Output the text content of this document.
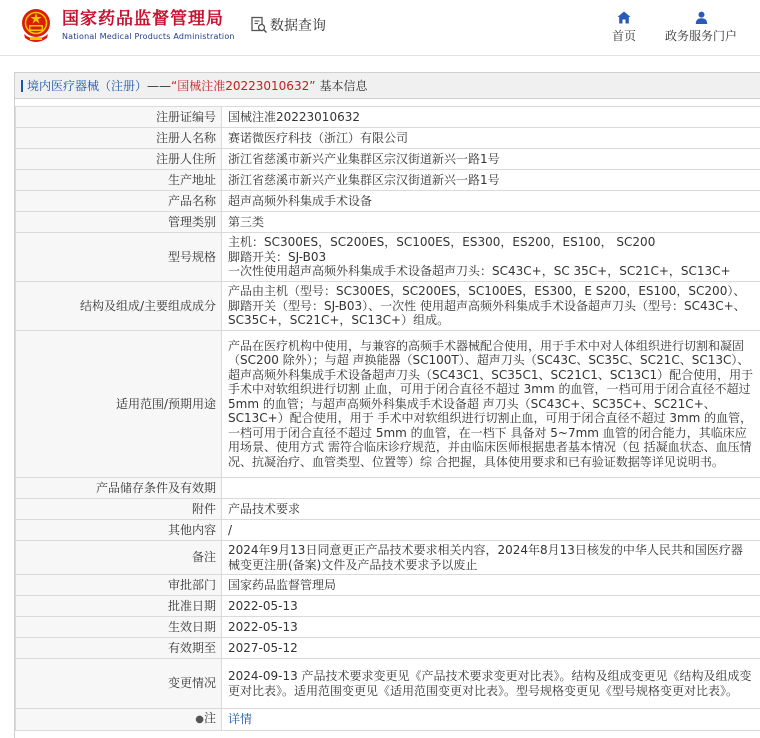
国家药品监督管理局
National Medical Products Administration
数据查询
首页	政务服务门户
境内医疗器械（注册） —— “国械注准20223010632” 基本信息
注册证编号	国械注准20223010632
注册人名称	赛诺微医疗科技（浙江）有限公司
注册人住所	浙江省慈溪市新兴产业集群区宗汉街道新兴一路1号
生产地址	浙江省慈溪市新兴产业集群区宗汉街道新兴一路1号
产品名称	超声高频外科集成手术设备
管理类别	第三类
型号规格	主机：SC300ES，SC200ES，SC100ES，ES300，ES200，ES100， SC200
脚踏开关：SJ-B03
一次性使用超声高频外科集成手术设备超声刀头：SC43C+，SC 35C+，SC21C+，SC13C+

结构及组成/主要组成成分	产品由主机（型号：SC300ES，SC200ES，SC100ES，ES300，E S200，ES100，SC200）、脚踏开关（型号：SJ-B03）、一次性 使用超声高频外科集成手术设备超声刀头（型号：SC43C+、SC35C+，SC21C+，SC13C+）组成。
适用范围/预期用途	产品在医疗机构中使用，与兼容的高频手术器械配合使用，用于手术中对人体组织进行切割和凝固（SC200 除外）；与超 声换能器（SC100T）、超声刀头（SC43C、SC35C、SC21C、SC13C）、 超声高频外科集成手术设备超声刀头（SC43C1、SC35C1、SC21C1、SC13C1）配合使用，用于手术中对软组织进行切割 止血，可用于闭合直径不超过 3mm 的血管，一档可用于闭合直径不超过 5mm 的血管；与超声高频外科集成手术设备超 声刀头（SC43C+、SC35C+、SC21C+、SC13C+）配合使用，用于 手术中对软组织进行切割止血，可用于闭合直径不超过 3mm 的血管，一档可用于闭合直径不超过 5mm 的血管，在一档下 具备对 5~7mm 血管的闭合能力，其临床应用场景、使用方式 需符合临床诊疗规范，并由临床医师根据患者基本情况（包 括凝血状态、血压情况、抗凝治疗、血管类型、位置等）综 合把握，具体使用要求和已有验证数据等详见说明书。
产品储存条件及有效期	
附件	产品技术要求
其他内容	/
备注	2024年9月13日同意更正产品技术要求相关内容，2024年8月13日核发的中华人民共和国医疗器械变更注册(备案)文件及产品技术要求予以废止
审批部门	国家药品监督管理局
批准日期	2022-05-13
生效日期	2022-05-13
有效期至	2027-05-12
变更情况	2024-09-13 产品技术要求变更见《产品技术要求变更对比表》。结构及组成变更见《结构及组成变更对比表》。适用范围变更见《适用范围变更对比表》。型号规格变更见《型号规格变更对比表》。
●注	详情
